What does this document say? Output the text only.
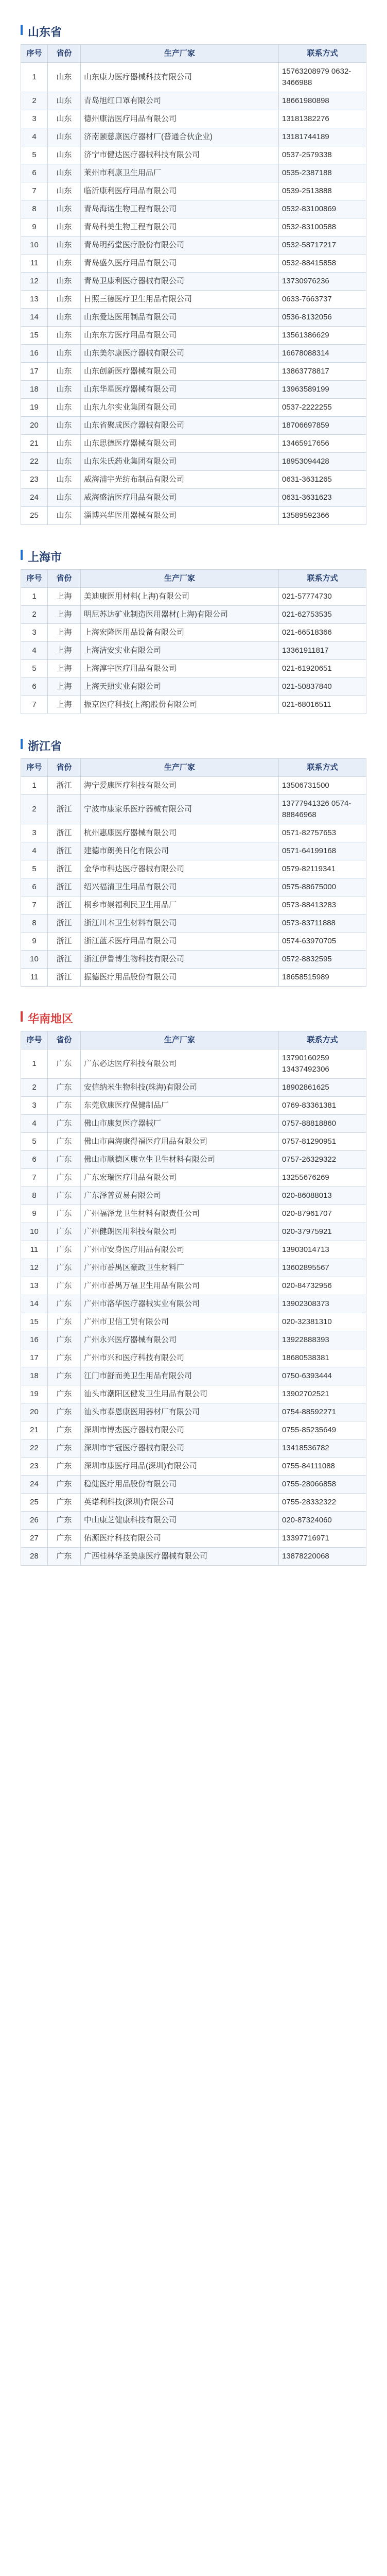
山东省
序号	省份	生产厂家	联系方式
1	山东	山东康力医疗器械科技有限公司	15763208979 0632-3466988
2	山东	青岛旭红口罩有限公司	18661980898
3	山东	德州康洁医疗用品有限公司	13181382276
4	山东	济南颐慈康医疗器材厂(普通合伙企业)	13181744189
5	山东	济宁市健达医疗器械科技有限公司	0537-2579338
6	山东	莱州市利康卫生用品厂	0535-2387188
7	山东	临沂康利医疗用品有限公司	0539-2513888
8	山东	青岛海诺生物工程有限公司	0532-83100869
9	山东	青岛科美生物工程有限公司	0532-83100588
10	山东	青岛明药堂医疗股份有限公司	0532-58717217
11	山东	青岛盛久医疗用品有限公司	0532-88415858
12	山东	青岛卫康利医疗器械有限公司	13730976236
13	山东	日照三德医疗卫生用品有限公司	0633-7663737
14	山东	山东爱达医用制品有限公司	0536-8132056
15	山东	山东东方医疗用品有限公司	13561386629
16	山东	山东美尔康医疗器械有限公司	16678088314
17	山东	山东创新医疗器械有限公司	13863778817
18	山东	山东华星医疗器械有限公司	13963589199
19	山东	山东九尔实业集团有限公司	0537-2222255
20	山东	山东省聚成医疗器械有限公司	18706697859
21	山东	山东思德医疗器械有限公司	13465917656
22	山东	山东朱氏药业集团有限公司	18953094428
23	山东	威海浦宇光纺布制品有限公司	0631-3631265
24	山东	威海盛洁医疗用品有限公司	0631-3631623
25	山东	淄博兴华医用器械有限公司	13589592366
上海市
序号	省份	生产厂家	联系方式
1	上海	美迪康医用材料(上海)有限公司	021-57774730
2	上海	明尼苏达矿业制造医用器材(上海)有限公司	021-62753535
3	上海	上海宏隆医用品设备有限公司	021-66518366
4	上海	上海洁安实业有限公司	13361911817
5	上海	上海淳宇医疗用品有限公司	021-61920651
6	上海	上海天照实业有限公司	021-50837840
7	上海	振京医疗科技(上海)股份有限公司	021-68016511
浙江省
序号	省份	生产厂家	联系方式
1	浙江	海宁爱康医疗科技有限公司	13506731500
2	浙江	宁波市康家乐医疗器械有限公司	13777941326 0574-88846968
3	浙江	杭州惠康医疗器械有限公司	0571-82757653
4	浙江	建德市朗美日化有限公司	0571-64199168
5	浙江	金华市科达医疗器械有限公司	0579-82119341
6	浙江	绍兴福清卫生用品有限公司	0575-88675000
7	浙江	桐乡市崇福利民卫生用品厂	0573-88413283
8	浙江	浙江川本卫生材料有限公司	0573-83711888
9	浙江	浙江蓝禾医疗用品有限公司	0574-63970705
10	浙江	浙江伊鲁博生物科技有限公司	0572-8832595
11	浙江	振德医疗用品股份有限公司	18658515989
华南地区
序号	省份	生产厂家	联系方式
1	广东	广东必达医疗科技有限公司	13790160259 13437492306
2	广东	安信纳米生物科技(珠海)有限公司	18902861625
3	广东	东莞欣康医疗保健制品厂	0769-83361381
4	广东	佛山市康复医疗器械厂	0757-88818860
5	广东	佛山市南海康得福医疗用品有限公司	0757-81290951
6	广东	佛山市顺德区康立生卫生材料有限公司	0757-26329322
7	广东	广东宏瑞医疗用品有限公司	13255676269
8	广东	广东泽普贸易有限公司	020-86088013
9	广东	广州福泽龙卫生材料有限责任公司	020-87961707
10	广东	广州健朗医用科技有限公司	020-37975921
11	广东	广州市安身医疗用品有限公司	13903014713
12	广东	广州市番禺区豪政卫生材料厂	13602895567
13	广东	广州市番禺万福卫生用品有限公司	020-84732956
14	广东	广州市洛华医疗器械实业有限公司	13902308373
15	广东	广州市卫信工贸有限公司	020-32381310
16	广东	广州永兴医疗器械有限公司	13922888393
17	广东	广州市兴和医疗科技有限公司	18680538381
18	广东	江门市舒而美卫生用品有限公司	0750-6393444
19	广东	汕头市潮阳区健发卫生用品有限公司	13902702521
20	广东	汕头市泰恩康医用器材厂有限公司	0754-88592271
21	广东	深圳市博杰医疗器械有限公司	0755-85235649
22	广东	深圳市宇冠医疗器械有限公司	13418536782
23	广东	深圳市康医疗用品(深圳)有限公司	0755-84111088
24	广东	稳健医疗用品股份有限公司	0755-28066858
25	广东	英诺利科技(深圳)有限公司	0755-28332322
26	广东	中山康芝健康科技有限公司	020-87324060
27	广东	佑源医疗科技有限公司	13397716971
28	广东	广西桂林华圣美康医疗器械有限公司	13878220068
